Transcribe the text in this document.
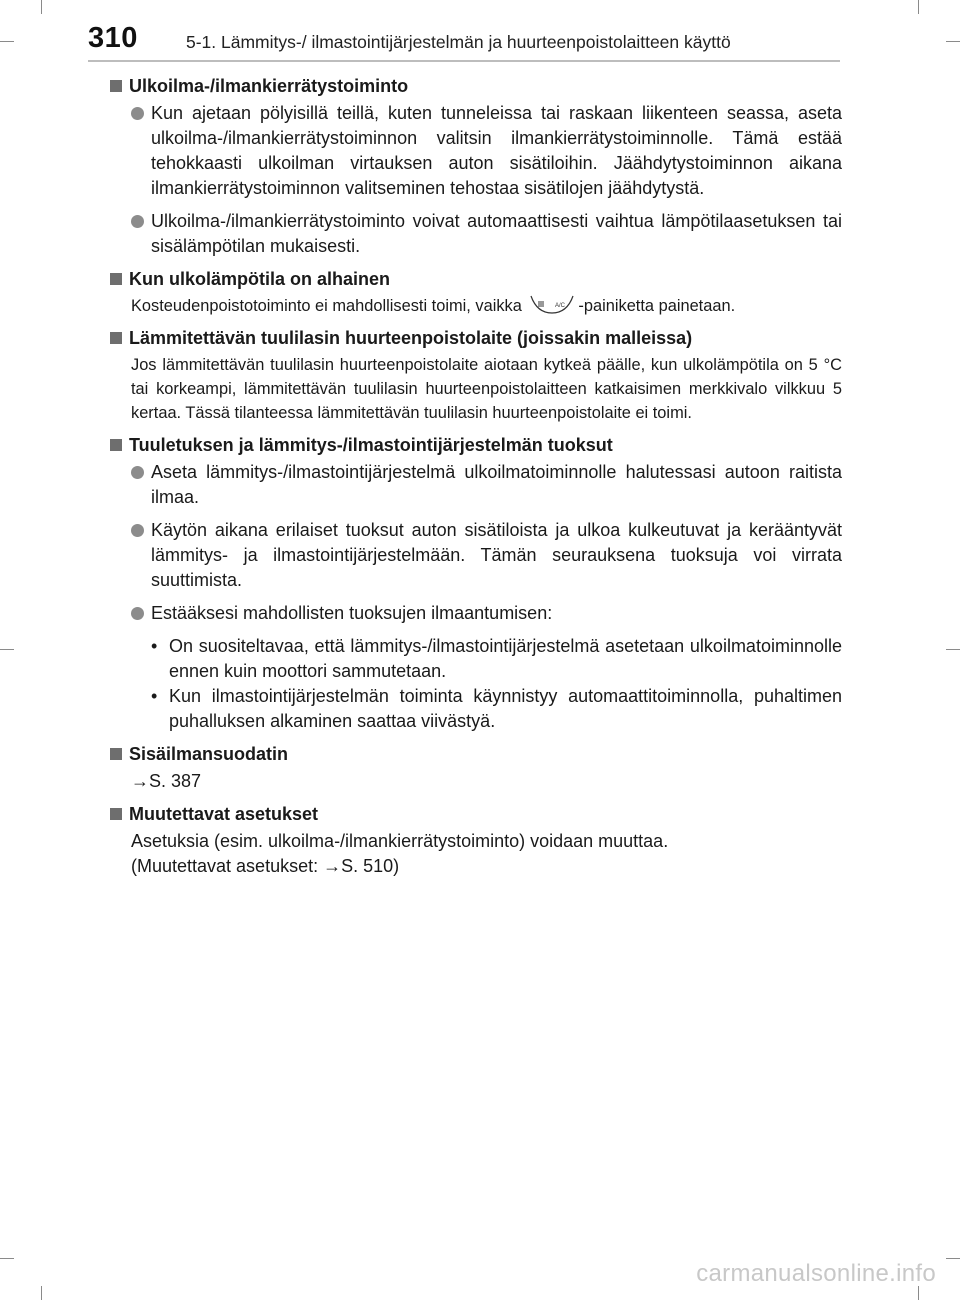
310	5-1. Lämmitys-/ ilmastointijärjestelmän ja huurteenpoistolaitteen käyttö
Ulkoilma-/ilmankierrätystoiminto
Kun ajetaan pölyisillä teillä, kuten tunneleissa tai raskaan liikenteen seassa, aseta ulkoilma-/ilmankierrätystoiminnon valitsin ilmankierrätystoiminnolle. Tämä estää tehokkaasti ulkoilman virtauksen auton sisätiloihin. Jäähdytystoiminnon aikana ilmankierrätystoiminnon valitseminen tehostaa sisätilojen jäähdytystä.
Ulkoilma-/ilmankierrätystoiminto voivat automaattisesti vaihtua lämpötilaasetuksen tai sisälämpötilan mukaisesti.
Kun ulkolämpötila on alhainen
Kosteudenpoistotoiminto ei mahdollisesti toimi, vaikka	A/C -painiketta painetaan.
Lämmitettävän tuulilasin huurteenpoistolaite (joissakin malleissa)
Jos lämmitettävän tuulilasin huurteenpoistolaite aiotaan kytkeä päälle, kun ulkolämpötila on 5 °C tai korkeampi, lämmitettävän tuulilasin huurteenpoistolaitteen katkaisimen merkkivalo vilkkuu 5 kertaa. Tässä tilanteessa lämmitettävän tuulilasin huurteenpoistolaite ei toimi.
Tuuletuksen ja lämmitys-/ilmastointijärjestelmän tuoksut
Aseta lämmitys-/ilmastointijärjestelmä ulkoilmatoiminnolle halutessasi autoon raitista ilmaa.
Käytön aikana erilaiset tuoksut auton sisätiloista ja ulkoa kulkeutuvat ja kerääntyvät lämmitys- ja ilmastointijärjestelmään. Tämän seurauksena tuoksuja voi virrata suuttimista.
Estääksesi mahdollisten tuoksujen ilmaantumisen:
• On suositeltavaa, että lämmitys-/ilmastointijärjestelmä asetetaan ulkoilmatoiminnolle ennen kuin moottori sammutetaan.
• Kun ilmastointijärjestelmän toiminta käynnistyy automaattitoiminnolla, puhaltimen puhalluksen alkaminen saattaa viivästyä.
Sisäilmansuodatin
→S. 387
Muutettavat asetukset
Asetuksia (esim. ulkoilma-/ilmankierrätystoiminto) voidaan muuttaa.
(Muutettavat asetukset: →S. 510)
carmanualsonline.info
